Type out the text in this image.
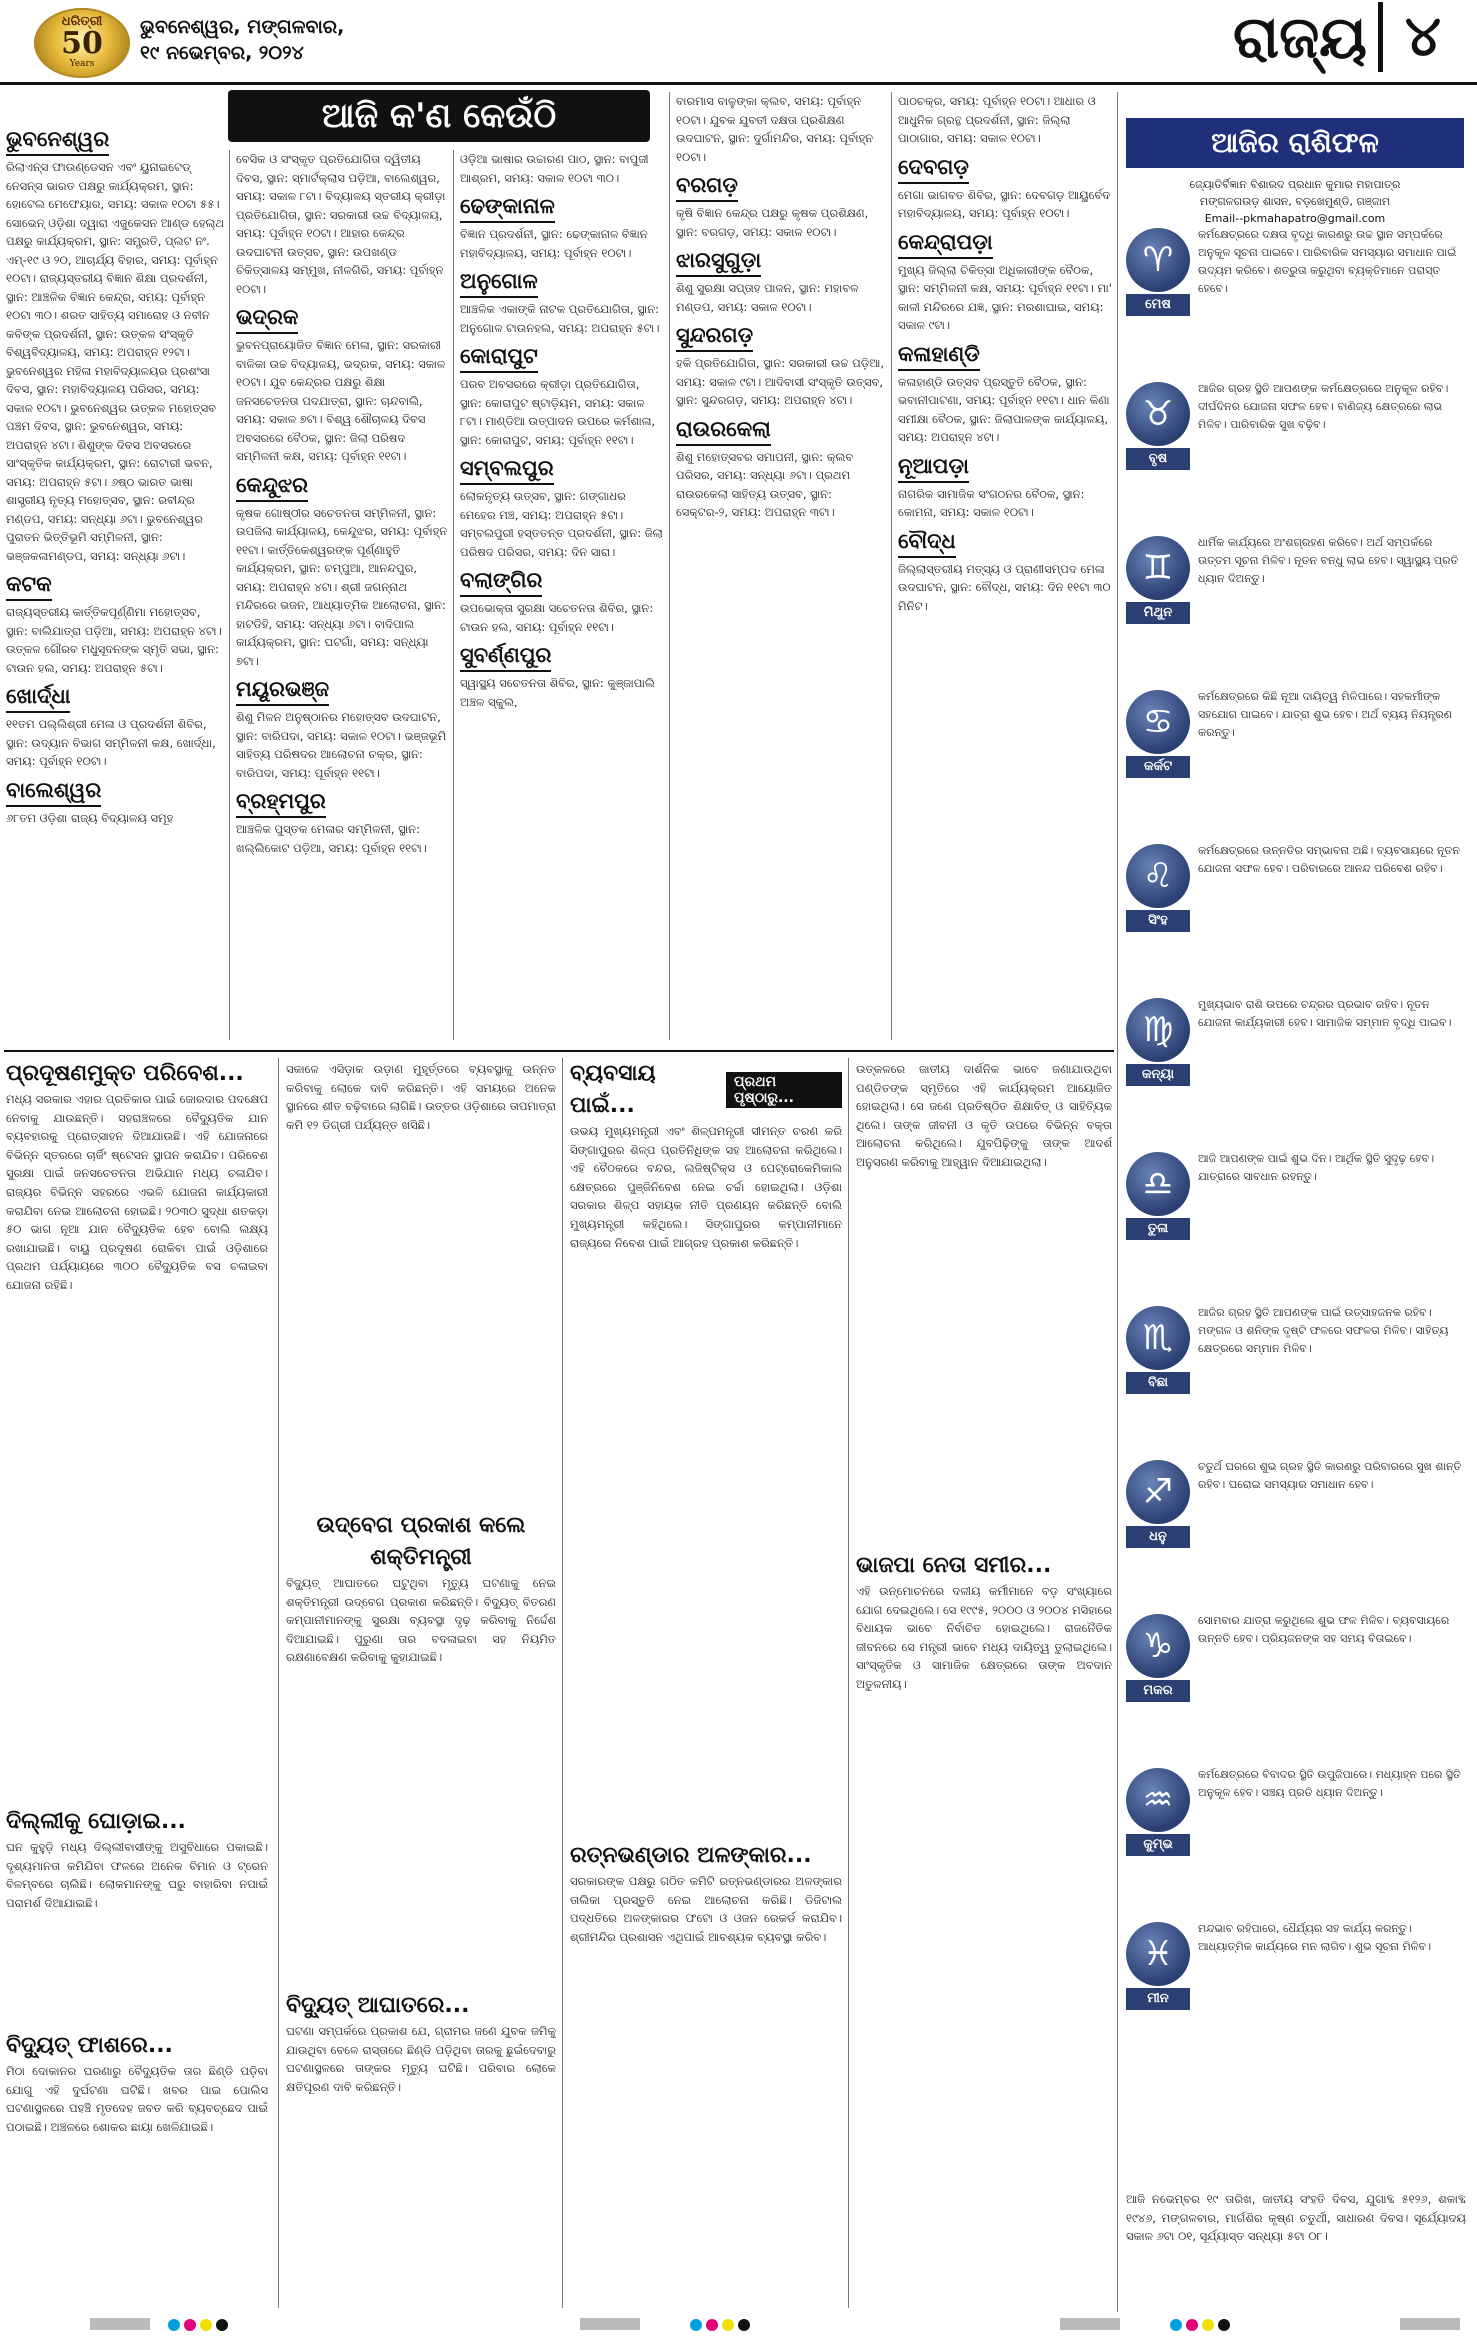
ଧରିତ୍ରୀ
50
Years
ଭୁବନେଶ୍ୱର, ମଙ୍ଗଳବାର,
୧୯ ନଭେମ୍ବର, ୨୦୨୪	ରାଜ୍ୟ ୪
ଆଜି କ'ଣ କେଉଁଠି
ଭୁବନେଶ୍ୱର

ରିଲାଏନ୍ସ ଫାଉଣ୍ଡେସନ ଏବଂ ୟୁନାଇଟେଡ୍ ନେସନ୍ସ ଭାରତ ପକ୍ଷରୁ କାର୍ଯ୍ୟକ୍ରମ, ସ୍ଥାନ: ହୋଟେଲ ମେଫେୟାର, ସମୟ: ସକାଳ ୧୦ଟା ୫୫। ସୋଭେନ୍ ଓଡ଼ିଶା ଦ୍ୱାରା ଏଜୁକେସନ ଆଣ୍ଡ ହେଲ୍ଥ ପକ୍ଷରୁ କାର୍ଯ୍ୟକ୍ରମ, ସ୍ଥାନ: ସମ୍ପ୍ରତି, ପ୍ଲଟ ନଂ. ଏମ୍-୧୯ ଓ ୨୦, ଆଚାର୍ଯ୍ୟ ବିହାର, ସମୟ: ପୂର୍ବାହ୍ନ ୧୦ଟା। ରାଜ୍ୟସ୍ତରୀୟ ବିଜ୍ଞାନ ଶିକ୍ଷା ପ୍ରଦର୍ଶନୀ, ସ୍ଥାନ: ଆଞ୍ଚଳିକ ବିଜ୍ଞାନ କେନ୍ଦ୍ର, ସମୟ: ପୂର୍ବାହ୍ନ ୧୦ଟା ୩୦। ଶରତ ସାହିତ୍ୟ ସମାରୋହ ଓ ନବୀନ କବିଙ୍କ ପ୍ରଦର୍ଶନୀ, ସ୍ଥାନ: ଉତ୍କଳ ସଂସ୍କୃତି ବିଶ୍ୱବିଦ୍ୟାଳୟ, ସମୟ: ଅପରାହ୍ନ ୧୨ଟା। ଭୁବନେଶ୍ୱର ମହିଳା ମହାବିଦ୍ୟାଳୟର ପ୍ରଶଂସା ଦିବସ, ସ୍ଥାନ: ମହାବିଦ୍ୟାଳୟ ପରିସର, ସମୟ: ସକାଳ ୧୦ଟା। ଭୁବନେଶ୍ୱର ଉତ୍କଳ ମହୋତ୍ସବ ପଞ୍ଚମ ଦିବସ, ସ୍ଥାନ: ଭୁବନେଶ୍ୱର, ସମୟ: ଅପରାହ୍ନ ୪ଟା। ଶିଶୁଙ୍କ ଦିବସ ଅବସରରେ ସାଂସ୍କୃତିକ କାର୍ଯ୍ୟକ୍ରମ, ସ୍ଥାନ: ରୋଟାରୀ ଭବନ, ସମୟ: ଅପରାହ୍ନ ୫ଟା। ୬ଷ୍ଠ ଭାରତ ଭାଷା ଶାସ୍ତ୍ରୀୟ ନୃତ୍ୟ ମହୋତ୍ସବ, ସ୍ଥାନ: ରବୀନ୍ଦ୍ର ମଣ୍ଡପ, ସମୟ: ସନ୍ଧ୍ୟା ୬ଟା। ଭୁବନେଶ୍ୱର ପୁରାତନ ଭିତ୍ତିଭୂମି ସମ୍ମିଳନୀ, ସ୍ଥାନ: ଭଞ୍ଜକଳାମଣ୍ଡପ, ସମୟ: ସନ୍ଧ୍ୟା ୬ଟା।

କଟକ

ରାଜ୍ୟସ୍ତରୀୟ କାର୍ତ୍ତିକପୂର୍ଣ୍ଣିମା ମହୋତ୍ସବ, ସ୍ଥାନ: ବାଲିଯାତ୍ରା ପଡ଼ିଆ, ସମୟ: ଅପରାହ୍ନ ୪ଟା। ଉତ୍କଳ ଗୌରବ ମଧୁସୂଦନଙ୍କ ସ୍ମୃତି ସଭା, ସ୍ଥାନ: ଟାଉନ ହଲ, ସମୟ: ଅପରାହ୍ନ ୫ଟା।

ଖୋର୍ଦ୍ଧା

୧୧ତମ ପଲ୍ଲିଶ୍ରୀ ମେଳା ଓ ପ୍ରଦର୍ଶନୀ ଶିବିର, ସ୍ଥାନ: ଉଦ୍ୟାନ ବିଭାଗ ସମ୍ମିଳନୀ କକ୍ଷ, ଖୋର୍ଦ୍ଧା, ସମୟ: ପୂର୍ବାହ୍ନ ୧୦ଟା।

ବାଲେଶ୍ୱର

୬୮ତମ ଓଡ଼ିଶା ରାଜ୍ୟ ବିଦ୍ୟାଳୟ ସମୂହ

ବେସିକ ଓ ସଂସ୍କୃତ ପ୍ରତିଯୋଗିତା ଦ୍ୱିତୀୟ ଦିବସ, ସ୍ଥାନ: ସ୍ମାର୍ଟକ୍ଲାସ ପଡ଼ିଆ, ବାଲେଶ୍ୱର, ସମୟ: ସକାଳ ୮ଟା। ବିଦ୍ୟାଳୟ ସ୍ତରୀୟ କ୍ରୀଡ଼ା ପ୍ରତିଯୋଗିତା, ସ୍ଥାନ: ସରକାରୀ ଉଚ୍ଚ ବିଦ୍ୟାଳୟ, ସମୟ: ପୂର୍ବାହ୍ନ ୧୦ଟା। ଆହାର କେନ୍ଦ୍ର ଉଦଘାଟନୀ ଉତ୍ସବ, ସ୍ଥାନ: ଉପଖଣ୍ଡ ଚିକିତ୍ସାଳୟ ସମ୍ମୁଖ, ନୀଳଗିରି, ସମୟ: ପୂର୍ବାହ୍ନ ୧୦ଟା।

ଭଦ୍ରକ

ଭୁବନପ୍ରାୟୋଜିତ ବିଜ୍ଞାନ ମେଳା, ସ୍ଥାନ: ସରକାରୀ ବାଳିକା ଉଚ୍ଚ ବିଦ୍ୟାଳୟ, ଭଦ୍ରକ, ସମୟ: ସକାଳ ୧୦ଟା। ଯୁବ କେନ୍ଦ୍ରର ପକ୍ଷରୁ ଶିକ୍ଷା ଜନସଚେତନତା ପଦଯାତ୍ରା, ସ୍ଥାନ: ଚାନ୍ଦବାଲି, ସମୟ: ସକାଳ ୭ଟା। ବିଶ୍ୱ ଶୌଚାଳୟ ଦିବସ ଅବସରରେ ବୈଠକ, ସ୍ଥାନ: ଜିଲା ପରିଷଦ ସମ୍ମିଳନୀ କକ୍ଷ, ସମୟ: ପୂର୍ବାହ୍ନ ୧୧ଟା।

କେନ୍ଦୁଝର

କୃଷକ ଗୋଷ୍ଠୀର ସଚେତନତା ସମ୍ମିଳନୀ, ସ୍ଥାନ: ଉପଜିଲା କାର୍ଯ୍ୟାଳୟ, କେନ୍ଦୁଝର, ସମୟ: ପୂର୍ବାହ୍ନ ୧୧ଟା। କାର୍ତ୍ତିକେଶ୍ୱରଙ୍କ ପୂର୍ଣ୍ଣାହୁତି କାର୍ଯ୍ୟକ୍ରମ, ସ୍ଥାନ: ଚମ୍ପୁଆ, ଆନନ୍ଦପୁର, ସମୟ: ଅପରାହ୍ନ ୪ଟା। ଶ୍ରୀ ଜଗନ୍ନାଥ ମନ୍ଦିରରେ ଭଜନ, ଆଧ୍ୟାତ୍ମିକ ଆଲୋଚନା, ସ୍ଥାନ: ହାଟଡିହି, ସମୟ: ସନ୍ଧ୍ୟା ୬ଟା। ବାଦିପାଲ କାର୍ଯ୍ୟକ୍ରମ, ସ୍ଥାନ: ଘଟଗାଁ, ସମୟ: ସନ୍ଧ୍ୟା ୭ଟା।

ମୟୂରଭଞ୍ଜ

ଶିଶୁ ମିଳନ ଅନୁଷ୍ଠାନର ମହୋତ୍ସବ ଉଦଘାଟନ, ସ୍ଥାନ: ବାରିପଦା, ସମୟ: ସକାଳ ୧୦ଟା। ଭଞ୍ଜଭୂମି ସାହିତ୍ୟ ପରିଷଦର ଆଲୋଚନା ଚକ୍ର, ସ୍ଥାନ: ବାରିପଦା, ସମୟ: ପୂର୍ବାହ୍ନ ୧୧ଟା।

ବ୍ରହ୍ମପୁର

ଆଞ୍ଚଳିକ ପୁସ୍ତକ ମେଳାର ସମ୍ମିଳନୀ, ସ୍ଥାନ: ଖଲ୍ଲିକୋଟ ପଡ଼ିଆ, ସମୟ: ପୂର୍ବାହ୍ନ ୧୧ଟା।

ଓଡ଼ିଆ ଭାଷାର ଉଚ୍ଚାରଣ ପାଠ, ସ୍ଥାନ: ବାପୁଜୀ ଆଶ୍ରମ, ସମୟ: ସକାଳ ୧୦ଟା ୩୦।

ଢେଙ୍କାନାଳ

ବିଜ୍ଞାନ ପ୍ରଦର୍ଶନୀ, ସ୍ଥାନ: ଢେଙ୍କାନାଳ ବିଜ୍ଞାନ ମହାବିଦ୍ୟାଳୟ, ସମୟ: ପୂର୍ବାହ୍ନ ୧୦ଟା।

ଅନୁଗୋଳ

ଆଞ୍ଚଳିକ ଏକାଙ୍କି ନାଟକ ପ୍ରତିଯୋଗିତା, ସ୍ଥାନ: ଅନୁଗୋଳ ଟାଉନହଲ, ସମୟ: ଅପରାହ୍ନ ୫ଟା।

କୋରାପୁଟ

ପରବ ଅବସରରେ କ୍ରୀଡ଼ା ପ୍ରତିଯୋଗିତା, ସ୍ଥାନ: କୋରାପୁଟ ଷ୍ଟାଡ଼ିୟମ, ସମୟ: ସକାଳ ୮ଟା। ମାଣ୍ଡିଆ ଉତ୍ପାଦନ ଉପରେ କର୍ମଶାଳା, ସ୍ଥାନ: କୋରାପୁଟ, ସମୟ: ପୂର୍ବାହ୍ନ ୧୧ଟା।

ସମ୍ବଲପୁର

ଲୋକନୃତ୍ୟ ଉତ୍ସବ, ସ୍ଥାନ: ଗଙ୍ଗାଧର ମେହେର ମଞ୍ଚ, ସମୟ: ଅପରାହ୍ନ ୫ଟା। ସମ୍ବଲପୁରୀ ହସ୍ତତନ୍ତ ପ୍ରଦର୍ଶନୀ, ସ୍ଥାନ: ଜିଲା ପରିଷଦ ପରିସର, ସମୟ: ଦିନ ସାରା।

ବଲାଙ୍ଗିର

ଉପଭୋକ୍ତା ସୁରକ୍ଷା ସଚେତନତା ଶିବିର, ସ୍ଥାନ: ଟାଉନ ହଲ, ସମୟ: ପୂର୍ବାହ୍ନ ୧୧ଟା।

ସୁବର୍ଣ୍ଣପୁର

ସ୍ୱାସ୍ଥ୍ୟ ସଚେତନତା ଶିବିର, ସ୍ଥାନ: କୁଞ୍ଜାପାଲି ଅଞ୍ଚଳ ସ୍କୁଲ,

ବାରମାସ ବାଳୁଙ୍କା କ୍ଲବ, ସମୟ: ପୂର୍ବାହ୍ନ ୧୦ଟା। ଯୁବକ ଯୁବତୀ ଦକ୍ଷତା ପ୍ରଶିକ୍ଷଣ ଉଦଘାଟନ, ସ୍ଥାନ: ଦୁର୍ଗାମନ୍ଦିର, ସମୟ: ପୂର୍ବାହ୍ନ ୧୦ଟା।

ବରଗଡ଼

କୃଷି ବିଜ୍ଞାନ କେନ୍ଦ୍ର ପକ୍ଷରୁ କୃଷକ ପ୍ରଶିକ୍ଷଣ, ସ୍ଥାନ: ବରଗଡ଼, ସମୟ: ସକାଳ ୧୦ଟା।

ଝାରସୁଗୁଡ଼ା

ଶିଶୁ ସୁରକ୍ଷା ସପ୍ତାହ ପାଳନ, ସ୍ଥାନ: ମହାବଳ ମଣ୍ଡପ, ସମୟ: ସକାଳ ୧୦ଟା।

ସୁନ୍ଦରଗଡ଼

ହକି ପ୍ରତିଯୋଗିତା, ସ୍ଥାନ: ସରକାରୀ ଉଚ୍ଚ ପଡ଼ିଆ, ସମୟ: ସକାଳ ୯ଟା। ଆଦିବାସୀ ସଂସ୍କୃତି ଉତ୍ସବ, ସ୍ଥାନ: ସୁନ୍ଦରଗଡ଼, ସମୟ: ଅପରାହ୍ନ ୪ଟା।

ରାଉରକେଲା

ଶିଶୁ ମହୋତ୍ସବର ସମାପନୀ, ସ୍ଥାନ: କ୍ଲବ ପରିସର, ସମୟ: ସନ୍ଧ୍ୟା ୬ଟା। ପ୍ରଥମ ରାଉରକେଲା ସାହିତ୍ୟ ଉତ୍ସବ, ସ୍ଥାନ: ସେକ୍ଟର-୨, ସମୟ: ଅପରାହ୍ନ ୩ଟା।

ପାଠଚକ୍ର, ସମୟ: ପୂର୍ବାହ୍ନ ୧୦ଟା। ଆଧାର ଓ ଆଧୁନିକ ଗ୍ରନ୍ଥ ପ୍ରଦର୍ଶନୀ, ସ୍ଥାନ: ଜିଲ୍ଲା ପାଠାଗାର, ସମୟ: ସକାଳ ୧୦ଟା।

ଦେବଗଡ଼

ମେଗା ଭାଗବତ ଶିବିର, ସ୍ଥାନ: ଦେବଗଡ଼ ଆୟୁର୍ବେଦ ମହାବିଦ୍ୟାଳୟ, ସମୟ: ପୂର୍ବାହ୍ନ ୧୦ଟା।

କେନ୍ଦ୍ରାପଡ଼ା

ମୁଖ୍ୟ ଜିଲ୍ଲା ଚିକିତ୍ସା ଅଧିକାରୀଙ୍କ ବୈଠକ, ସ୍ଥାନ: ସମ୍ମିଳନୀ କକ୍ଷ, ସମୟ: ପୂର୍ବାହ୍ନ ୧୧ଟା। ମା' କାଳୀ ମନ୍ଦିରରେ ଯଜ୍ଞ, ସ୍ଥାନ: ମରଶାଘାଇ, ସମୟ: ସକାଳ ୯ଟା।

କଳାହାଣ୍ଡି

କଳାହାଣ୍ଡି ଉତ୍ସବ ପ୍ରସ୍ତୁତି ବୈଠକ, ସ୍ଥାନ: ଭବାନୀପାଟଣା, ସମୟ: ପୂର୍ବାହ୍ନ ୧୧ଟା। ଧାନ କିଣା ସମୀକ୍ଷା ବୈଠକ, ସ୍ଥାନ: ଜିଲାପାଳଙ୍କ କାର୍ଯ୍ୟାଳୟ, ସମୟ: ଅପରାହ୍ନ ୪ଟା।

ନୂଆପଡ଼ା

ନାଗରିକ ସାମାଜିକ ସଂଗଠନର ବୈଠକ, ସ୍ଥାନ: କୋମନା, ସମୟ: ସକାଳ ୧୦ଟା।

ବୌଦ୍ଧ

ଜିଲ୍ଲାସ୍ତରୀୟ ମତ୍ସ୍ୟ ଓ ପ୍ରାଣୀସମ୍ପଦ ମେଳା ଉଦଘାଟନ, ସ୍ଥାନ: ବୌଦ୍ଧ, ସମୟ: ଦିନ ୧୧ଟା ୩୦ ମିନିଟ।

ଆଜିର ରାଶିଫଳ
ଜ୍ୟୋତିର୍ବିଜ୍ଞାନ ବିଶାରଦ ପ୍ରଧାନ କୁମାର ମହାପାତ୍ର
ମଙ୍ଗଳଗଉଡ଼ ଶାସନ, ବଡ଼ଖେମୁଣ୍ଡି, ଗଞ୍ଜାମ
Email--pkmahapatro@gmail.com
♈
ମେଷ
କର୍ମକ୍ଷେତ୍ରରେ ଦକ୍ଷତା ବୃଦ୍ଧି କାରଣରୁ ଉଚ୍ଚ ସ୍ଥାନ ସମ୍ପର୍କରେ ଅନୁକୂଳ ସୂଚନା ପାଇବେ। ପାରିବାରିକ ସମସ୍ୟାର ସମାଧାନ ପାଇଁ ଉଦ୍ୟମ କରିବେ। ଶତ୍ରୁତା କରୁଥିବା ବ୍ୟକ୍ତିମାନେ ପରାସ୍ତ ହେବେ।
♉
ବୃଷ
ଆଜିର ଗ୍ରହ ସ୍ଥିତି ଆପଣଙ୍କ କର୍ମକ୍ଷେତ୍ରରେ ଅନୁକୂଳ ରହିବ। ଦୀର୍ଘଦିନର ଯୋଜନା ସଫଳ ହେବ। ବାଣିଜ୍ୟ କ୍ଷେତ୍ରରେ ଲାଭ ମିଳିବ। ପାରିବାରିକ ସୁଖ ବଢ଼ିବ।
♊
ମିଥୁନ
ଧାର୍ମିକ କାର୍ଯ୍ୟରେ ଅଂଶଗ୍ରହଣ କରିବେ। ଅର୍ଥ ସମ୍ପର୍କରେ ଉତ୍ତମ ସୂଚନା ମିଳିବ। ନୂତନ ବନ୍ଧୁ ଲାଭ ହେବ। ସ୍ୱାସ୍ଥ୍ୟ ପ୍ରତି ଧ୍ୟାନ ଦିଅନ୍ତୁ।
♋
କର୍କଟ
କର୍ମକ୍ଷେତ୍ରରେ କିଛି ନୂଆ ଦାୟିତ୍ୱ ମିଳିପାରେ। ସହକର୍ମୀଙ୍କ ସହଯୋଗ ପାଇବେ। ଯାତ୍ରା ଶୁଭ ହେବ। ଅର୍ଥ ବ୍ୟୟ ନିୟନ୍ତ୍ରଣ କରନ୍ତୁ।
♌
ସିଂହ
କର୍ମକ୍ଷେତ୍ରରେ ଉନ୍ନତିର ସମ୍ଭାବନା ଅଛି। ବ୍ୟବସାୟରେ ନୂତନ ଯୋଜନା ସଫଳ ହେବ। ପରିବାରରେ ଆନନ୍ଦ ପରିବେଶ ରହିବ।
♍
କନ୍ୟା
ମୁଖ୍ୟଭାବ ରାଶି ଉପରେ ଚନ୍ଦ୍ରର ପ୍ରଭାବ ରହିବ। ନୂତନ ଯୋଜନା କାର୍ଯ୍ୟକାରୀ ହେବ। ସାମାଜିକ ସମ୍ମାନ ବୃଦ୍ଧି ପାଇବ।
♎
ତୁଳା
ଆଜି ଆପଣଙ୍କ ପାଇଁ ଶୁଭ ଦିନ। ଆର୍ଥିକ ସ୍ଥିତି ସୁଦୃଢ଼ ହେବ। ଯାତ୍ରାରେ ସାବଧାନ ରହନ୍ତୁ।
♏
ବିଛା
ଆଜିର ଗ୍ରହ ସ୍ଥିତି ଆପଣଙ୍କ ପାଇଁ ଉତ୍ସାହଜନକ ରହିବ। ମଙ୍ଗଳ ଓ ଶନିଙ୍କ ଦୃଷ୍ଟି ଫଳରେ ସଫଳତା ମିଳିବ। ସାହିତ୍ୟ କ୍ଷେତ୍ରରେ ସମ୍ମାନ ମିଳିବ।
♐
ଧନୁ
ଚତୁର୍ଥ ଘରରେ ଶୁଭ ଗ୍ରହ ସ୍ଥିତି କାରଣରୁ ପରିବାରରେ ସୁଖ ଶାନ୍ତି ରହିବ। ଘରୋଇ ସମସ୍ୟାର ସମାଧାନ ହେବ।
♑
ମକର
ସୋମବାର ଯାତ୍ରା କରୁଥିଲେ ଶୁଭ ଫଳ ମିଳିବ। ବ୍ୟବସାୟରେ ଉନ୍ନତି ହେବ। ପ୍ରିୟଜନଙ୍କ ସହ ସମୟ ବିତାଇବେ।
♒
କୁମ୍ଭ
କର୍ମକ୍ଷେତ୍ରରେ ବିବାଦର ସ୍ଥିତି ଉପୁଜିପାରେ। ମଧ୍ୟାହ୍ନ ପରେ ସ୍ଥିତି ଅନୁକୂଳ ହେବ। ସଞ୍ଚୟ ପ୍ରତି ଧ୍ୟାନ ଦିଅନ୍ତୁ।
♓
ମୀନ
ମନ୍ଦଭାବ ରହିପାରେ, ଧୈର୍ଯ୍ୟର ସହ କାର୍ଯ୍ୟ କରନ୍ତୁ। ଆଧ୍ୟାତ୍ମିକ କାର୍ଯ୍ୟରେ ମନ ଲାଗିବ। ଶୁଭ ସୂଚନା ମିଳିବ।
ଆଜି ନଭେମ୍ବର ୧୯ ତାରିଖ, ଜାତୀୟ ସଂହତି ଦିବସ, ଯୁଗାବ୍ଦ ୫୧୨୬, ଶକାବ୍ଦ ୧୯୪୬, ମଙ୍ଗଳବାର, ମାର୍ଗଶିର କୃଷ୍ଣ ଚତୁର୍ଥୀ, ସାଧାରଣ ଦିବସ। ସୂର୍ଯ୍ୟୋଦୟ ସକାଳ ୬ଟା ୦୧, ସୂର୍ଯ୍ୟାସ୍ତ ସନ୍ଧ୍ୟା ୫ଟା ୦୮।
ପ୍ରଦୂଷଣମୁକ୍ତ ପରିବେଶ...
ମଧ୍ୟ ସରକାର ଏହାର ପ୍ରତିକାର ପାଇଁ ଜୋରଦାର ପଦକ୍ଷେପ ନେବାକୁ ଯାଉଛନ୍ତି। ସହରାଞ୍ଚଳରେ ବୈଦ୍ୟୁତିକ ଯାନ ବ୍ୟବହାରକୁ ପ୍ରୋତ୍ସାହନ ଦିଆଯାଉଛି। ଏହି ଯୋଜନାରେ ବିଭିନ୍ନ ସ୍ତରରେ ଚାର୍ଜିଂ ଷ୍ଟେସନ ସ୍ଥାପନ କରାଯିବ। ପରିବେଶ ସୁରକ୍ଷା ପାଇଁ ଜନସଚେତନତା ଅଭିଯାନ ମଧ୍ୟ ଚଳାଯିବ। ରାଜ୍ୟର ବିଭିନ୍ନ ସହରରେ ଏଭଳି ଯୋଜନା କାର୍ଯ୍ୟକାରୀ କରାଯିବା ନେଇ ଆଲୋଚନା ହୋଇଛି। ୨୦୩୦ ସୁଦ୍ଧା ଶତକଡ଼ା ୫୦ ଭାଗ ନୂଆ ଯାନ ବୈଦ୍ୟୁତିକ ହେବ ବୋଲି ଲକ୍ଷ୍ୟ ରଖାଯାଇଛି। ବାୟୁ ପ୍ରଦୂଷଣ ରୋକିବା ପାଇଁ ଓଡ଼ିଶାରେ ପ୍ରଥମ ପର୍ଯ୍ୟାୟରେ ୩୦୦ ବୈଦ୍ୟୁତିକ ବସ ଚଳାଇବା ଯୋଜନା ରହିଛି।
ଦିଲ୍ଲୀକୁ ଘୋଡ଼ାଇ...
ଘନ କୁହୁଡ଼ି ମଧ୍ୟ ଦିଲ୍ଲୀବାସୀଙ୍କୁ ଅସୁବିଧାରେ ପକାଇଛି। ଦୃଶ୍ୟମାନତା କମିଯିବା ଫଳରେ ଅନେକ ବିମାନ ଓ ଟ୍ରେନ ବିଳମ୍ବରେ ଚାଲିଛି। ଲୋକମାନଙ୍କୁ ଘରୁ ବାହାରିବା ନପାଇଁ ପରାମର୍ଶ ଦିଆଯାଇଛି।
ବିଦ୍ୟୁତ୍ ଫାଶରେ...
ମିଠା ଦୋକାନର ଘରଣାରୁ ବୈଦ୍ୟୁତିକ ତାର ଛିଣ୍ଡି ପଡ଼ିବା ଯୋଗୁ ଏହି ଦୁର୍ଘଟଣା ଘଟିଛି। ଖବର ପାଇ ପୋଲିସ ଘଟଣାସ୍ଥଳରେ ପହଞ୍ଚି ମୃତଦେହ ଜବତ କରି ବ୍ୟବଚ୍ଛେଦ ପାଇଁ ପଠାଇଛି। ଅଞ୍ଚଳରେ ଶୋକର ଛାୟା ଖେଳିଯାଇଛି।
ସକାଳେ ଏସିଡ଼ାକ ଉଡ଼ାଣ ମୁହୂର୍ତ୍ତରେ ବ୍ୟବସ୍ଥାକୁ ଉନ୍ନତ କରିବାକୁ ଲୋକେ ଦାବି କରିଛନ୍ତି। ଏହି ସମୟରେ ଅନେକ ସ୍ଥାନରେ ଶୀତ ବଢ଼ିବାରେ ଲାଗିଛି। ଉତ୍ତର ଓଡ଼ିଶାରେ ତାପମାତ୍ରା କମି ୧୨ ଡିଗ୍ରୀ ପର୍ଯ୍ୟନ୍ତ ଖସିଛି।
ଉଦ୍‌ବେଗ ପ୍ରକାଶ କଲେ ଶକ୍ତିମନ୍ତ୍ରୀ
ବିଦ୍ୟୁତ୍ ଆଘାତରେ ଘଟୁଥିବା ମୃତ୍ୟୁ ଘଟଣାକୁ ନେଇ ଶକ୍ତିମନ୍ତ୍ରୀ ଉଦ୍‌ବେଗ ପ୍ରକାଶ କରିଛନ୍ତି। ବିଦ୍ୟୁତ୍ ବିତରଣ କମ୍ପାନୀମାନଙ୍କୁ ସୁରକ୍ଷା ବ୍ୟବସ୍ଥା ଦୃଢ଼ କରିବାକୁ ନିର୍ଦ୍ଦେଶ ଦିଆଯାଇଛି। ପୁରୁଣା ତାର ବଦଳାଇବା ସହ ନିୟମିତ ରକ୍ଷଣାବେକ୍ଷଣ କରିବାକୁ କୁହାଯାଇଛି।
ବିଦ୍ୟୁତ୍ ଆଘାତରେ...
ଘଟଣା ସମ୍ପର୍କରେ ପ୍ରକାଶ ଯେ, ଗ୍ରାମର ଜଣେ ଯୁବକ ଜମିକୁ ଯାଉଥିବା ବେଳେ ରାସ୍ତାରେ ଛିଣ୍ଡି ପଡ଼ିଥିବା ତାରକୁ ଛୁଇଁଦେବାରୁ ଘଟଣାସ୍ଥଳରେ ତାଙ୍କର ମୃତ୍ୟୁ ଘଟିଛି। ପରିବାର ଲୋକେ କ୍ଷତିପୂରଣ ଦାବି କରିଛନ୍ତି।
ବ୍ୟବସାୟ ପାଇଁ...
ପ୍ରଥମ ପୃଷ୍ଠାରୁ...
ଉଭୟ ମୁଖ୍ୟମନ୍ତ୍ରୀ ଏବଂ ଶିଳ୍ପମନ୍ତ୍ରୀ ସୀମନ୍ତ ଚରଣ କରି ସିଙ୍ଗାପୁରର ଶିଳ୍ପ ପ୍ରତିନିଧିଙ୍କ ସହ ଆଲୋଚନା କରିଥିଲେ। ଏହି ବୈଠକରେ ବନ୍ଦର, ଲଜିଷ୍ଟିକ୍ସ ଓ ପେଟ୍ରୋକେମିକାଲ କ୍ଷେତ୍ରରେ ପୁଞ୍ଜିନିବେଶ ନେଇ ଚର୍ଚ୍ଚା ହୋଇଥିଲା। ଓଡ଼ିଶା ସରକାର ଶିଳ୍ପ ସହାୟକ ନୀତି ପ୍ରଣୟନ କରିଛନ୍ତି ବୋଲି ମୁଖ୍ୟମନ୍ତ୍ରୀ କହିଥିଲେ। ସିଙ୍ଗାପୁରର କମ୍ପାନୀମାନେ ରାଜ୍ୟରେ ନିବେଶ ପାଇଁ ଆଗ୍ରହ ପ୍ରକାଶ କରିଛନ୍ତି।
ରତ୍ନଭଣ୍ଡାର ଅଳଙ୍କାର...
ସରକାରଙ୍କ ପକ୍ଷରୁ ଗଠିତ କମିଟି ରତ୍ନଭଣ୍ଡାରର ଅଳଙ୍କାର ତାଲିକା ପ୍ରସ୍ତୁତି ନେଇ ଆଲୋଚନା କରିଛି। ଡିଜିଟାଲ ପଦ୍ଧତିରେ ଅଳଙ୍କାରର ଫଟୋ ଓ ଓଜନ ରେକର୍ଡ କରାଯିବ। ଶ୍ରୀମନ୍ଦିର ପ୍ରଶାସନ ଏଥିପାଇଁ ଆବଶ୍ୟକ ବ୍ୟବସ୍ଥା କରିବ।
ଉତ୍କଳରେ ଜାତୀୟ ଦାର୍ଶନିକ ଭାବେ ଜଣାଯାଉଥିବା ପଣ୍ଡିତଙ୍କ ସ୍ମୃତିରେ ଏହି କାର୍ଯ୍ୟକ୍ରମ ଆୟୋଜିତ ହୋଇଥିଲା। ସେ ଜଣେ ପ୍ରତିଷ୍ଠିତ ଶିକ୍ଷାବିତ୍ ଓ ସାହିତ୍ୟିକ ଥିଲେ। ତାଙ୍କ ଜୀବନୀ ଓ କୃତି ଉପରେ ବିଭିନ୍ନ ବକ୍ତା ଆଲୋଚନା କରିଥିଲେ। ଯୁବପିଢ଼ିଙ୍କୁ ତାଙ୍କ ଆଦର୍ଶ ଅନୁସରଣ କରିବାକୁ ଆହ୍ୱାନ ଦିଆଯାଇଥିଲା।
ଭାଜପା ନେତା ସମୀର...
ଏହି ଉନ୍ମୋଚନରେ ଦଳୀୟ କର୍ମୀମାନେ ବଡ଼ ସଂଖ୍ୟାରେ ଯୋଗ ଦେଇଥିଲେ। ସେ ୧୯୯୫, ୨୦୦୦ ଓ ୨୦୦୪ ମସିହାରେ ବିଧାୟକ ଭାବେ ନିର୍ବାଚିତ ହୋଇଥିଲେ। ରାଜନୈତିକ ଜୀବନରେ ସେ ମନ୍ତ୍ରୀ ଭାବେ ମଧ୍ୟ ଦାୟିତ୍ୱ ତୁଲାଇଥିଲେ। ସାଂସ୍କୃତିକ ଓ ସାମାଜିକ କ୍ଷେତ୍ରରେ ତାଙ୍କ ଅବଦାନ ଅତୁଳନୀୟ।
